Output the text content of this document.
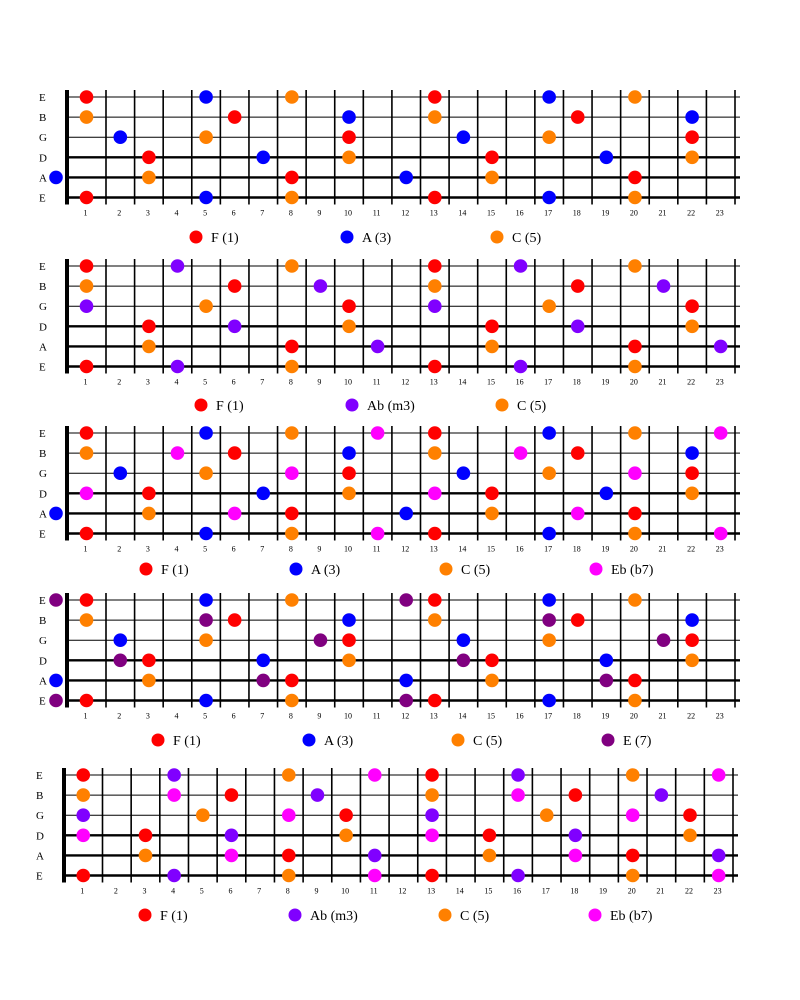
E
B
G
D
A
E
1	2	3	4	5	6	7	8	9	10	11	12	13	14	15	16	17	18	19	20	21	22	23
F (1)	A (3)	C (5)
E
B
G
D
A
E
1	2	3	4	5	6	7	8	9	10	11	12	13	14	15	16	17	18	19	20	21	22	23
F (1)	Ab (m3)	C (5)
E
B
G
D
A
E
1	2	3	4	5	6	7	8	9	10	11	12	13	14	15	16	17	18	19	20	21	22	23
F (1)	A (3)	C (5)	Eb (b7)
E
B
G
D
A
E
1	2	3	4	5	6	7	8	9	10	11	12	13	14	15	16	17	18	19	20	21	22	23
F (1)	A (3)	C (5)	E (7)
E
B
G
D
A
E
1	2	3	4	5	6	7	8	9	10	11	12	13	14	15	16	17	18	19	20	21	22	23
F (1)	Ab (m3)	C (5)	Eb (b7)
